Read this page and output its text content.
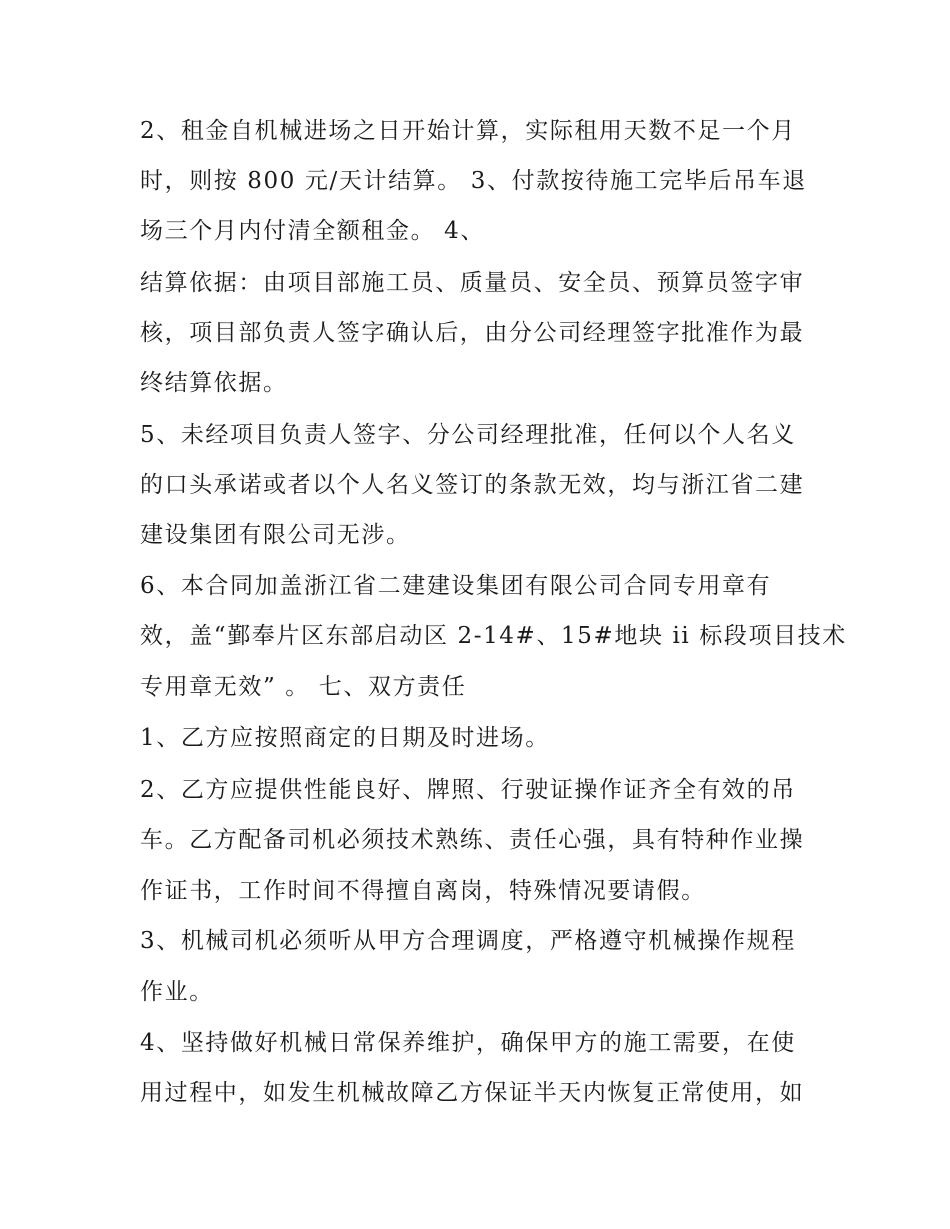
2、租金自机械进场之日开始计算，实际租用天数不足一个月
时，则按 800 元/天计结算。 3、付款按待施工完毕后吊车退
场三个月内付清全额租金。 4、
结算依据：由项目部施工员、质量员、安全员、预算员签字审
核，项目部负责人签字确认后，由分公司经理签字批准作为最
终结算依据。
5、未经项目负责人签字、分公司经理批准，任何以个人名义
的口头承诺或者以个人名义签订的条款无效，均与浙江省二建
建设集团有限公司无涉。
6、本合同加盖浙江省二建建设集团有限公司合同专用章有
效，盖“鄞奉片区东部启动区 2-14#、15#地块 ii 标段项目技术
专用章无效” 。 七、双方责任
1、乙方应按照商定的日期及时进场。
2、乙方应提供性能良好、牌照、行驶证操作证齐全有效的吊
车。乙方配备司机必须技术熟练、责任心强，具有特种作业操
作证书，工作时间不得擅自离岗，特殊情况要请假。
3、机械司机必须听从甲方合理调度，严格遵守机械操作规程
作业。
4、坚持做好机械日常保养维护，确保甲方的施工需要，在使
用过程中，如发生机械故障乙方保证半天内恢复正常使用，如
